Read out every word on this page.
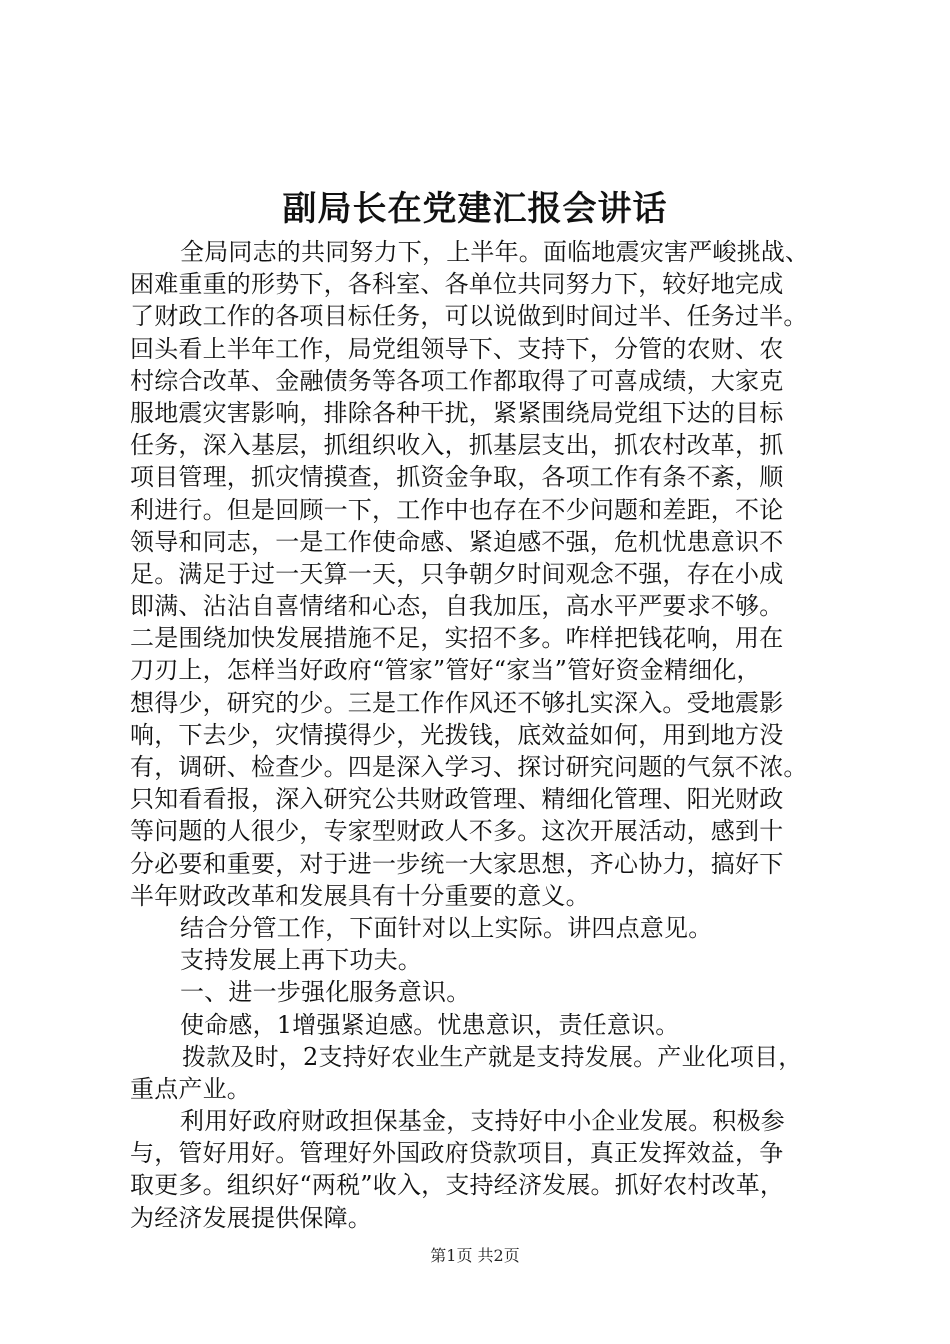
副局长在党建汇报会讲话
全局同志的共同努力下，上半年。面临地震灾害严峻挑战、
困难重重的形势下，各科室、各单位共同努力下，较好地完成
了财政工作的各项目标任务，可以说做到时间过半、任务过半。
回头看上半年工作，局党组领导下、支持下，分管的农财、农
村综合改革、金融债务等各项工作都取得了可喜成绩，大家克
服地震灾害影响，排除各种干扰，紧紧围绕局党组下达的目标
任务，深入基层，抓组织收入，抓基层支出，抓农村改革，抓
项目管理，抓灾情摸查，抓资金争取，各项工作有条不紊，顺
利进行。但是回顾一下，工作中也存在不少问题和差距，不论
领导和同志，一是工作使命感、紧迫感不强，危机忧患意识不
足。满足于过一天算一天，只争朝夕时间观念不强，存在小成
即满、沾沾自喜情绪和心态，自我加压，高水平严要求不够。
二是围绕加快发展措施不足，实招不多。咋样把钱花响，用在
刀刃上，怎样当好政府“管家”管好“家当”管好资金精细化，
想得少，研究的少。三是工作作风还不够扎实深入。受地震影
响，下去少，灾情摸得少，光拨钱，底效益如何，用到地方没
有，调研、检查少。四是深入学习、探讨研究问题的气氛不浓。
只知看看报，深入研究公共财政管理、精细化管理、阳光财政
等问题的人很少，专家型财政人不多。这次开展活动，感到十
分必要和重要，对于进一步统一大家思想，齐心协力，搞好下
半年财政改革和发展具有十分重要的意义。
结合分管工作，下面针对以上实际。讲四点意见。
支持发展上再下功夫。
一、进一步强化服务意识。
使命感，1增强紧迫感。忧患意识，责任意识。
拨款及时，2支持好农业生产就是支持发展。产业化项目，
重点产业。
利用好政府财政担保基金，支持好中小企业发展。积极参
与，管好用好。管理好外国政府贷款项目，真正发挥效益，争
取更多。组织好“两税”收入，支持经济发展。抓好农村改革，
为经济发展提供保障。
第1页 共2页
